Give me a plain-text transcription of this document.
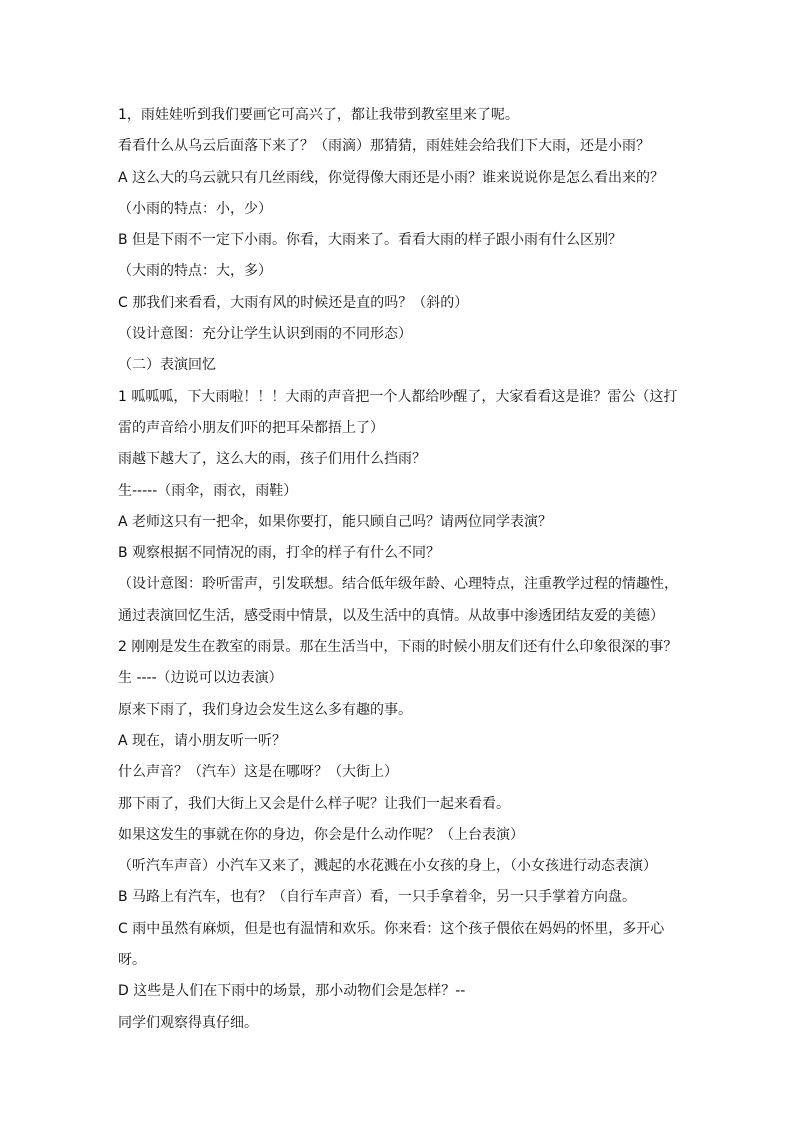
1，雨娃娃听到我们要画它可高兴了，都让我带到教室里来了呢。
看看什么从乌云后面落下来了？（雨滴）那猜猜，雨娃娃会给我们下大雨，还是小雨？
A 这么大的乌云就只有几丝雨线，你觉得像大雨还是小雨？谁来说说你是怎么看出来的？
（小雨的特点：小，少）
B 但是下雨不一定下小雨。你看，大雨来了。看看大雨的样子跟小雨有什么区别？
（大雨的特点：大，多）
C 那我们来看看，大雨有风的时候还是直的吗？（斜的）
（设计意图：充分让学生认识到雨的不同形态）
（二）表演回忆
1 呱呱呱，下大雨啦！！！大雨的声音把一个人都给吵醒了，大家看看这是谁？雷公（这打
雷的声音给小朋友们吓的把耳朵都捂上了）
雨越下越大了，这么大的雨，孩子们用什么挡雨？
生-----（雨伞，雨衣，雨鞋）
A 老师这只有一把伞，如果你要打，能只顾自己吗？请两位同学表演？
B 观察根据不同情况的雨，打伞的样子有什么不同？
（设计意图：聆听雷声，引发联想。结合低年级年龄、心理特点，注重教学过程的情趣性，
通过表演回忆生活，感受雨中情景，以及生活中的真情。从故事中渗透团结友爱的美德）
2 刚刚是发生在教室的雨景。那在生活当中，下雨的时候小朋友们还有什么印象很深的事？
生 ----（边说可以边表演）
原来下雨了，我们身边会发生这么多有趣的事。
A 现在，请小朋友听一听？
什么声音？（汽车）这是在哪呀？（大街上）
那下雨了，我们大街上又会是什么样子呢？让我们一起来看看。
如果这发生的事就在你的身边，你会是什么动作呢？（上台表演）
（听汽车声音）小汽车又来了，溅起的水花溅在小女孩的身上，（小女孩进行动态表演）
B 马路上有汽车，也有？（自行车声音）看，一只手拿着伞，另一只手掌着方向盘。
C 雨中虽然有麻烦，但是也有温情和欢乐。你来看：这个孩子偎依在妈妈的怀里，多开心
呀。
D 这些是人们在下雨中的场景，那小动物们会是怎样？--
同学们观察得真仔细。
